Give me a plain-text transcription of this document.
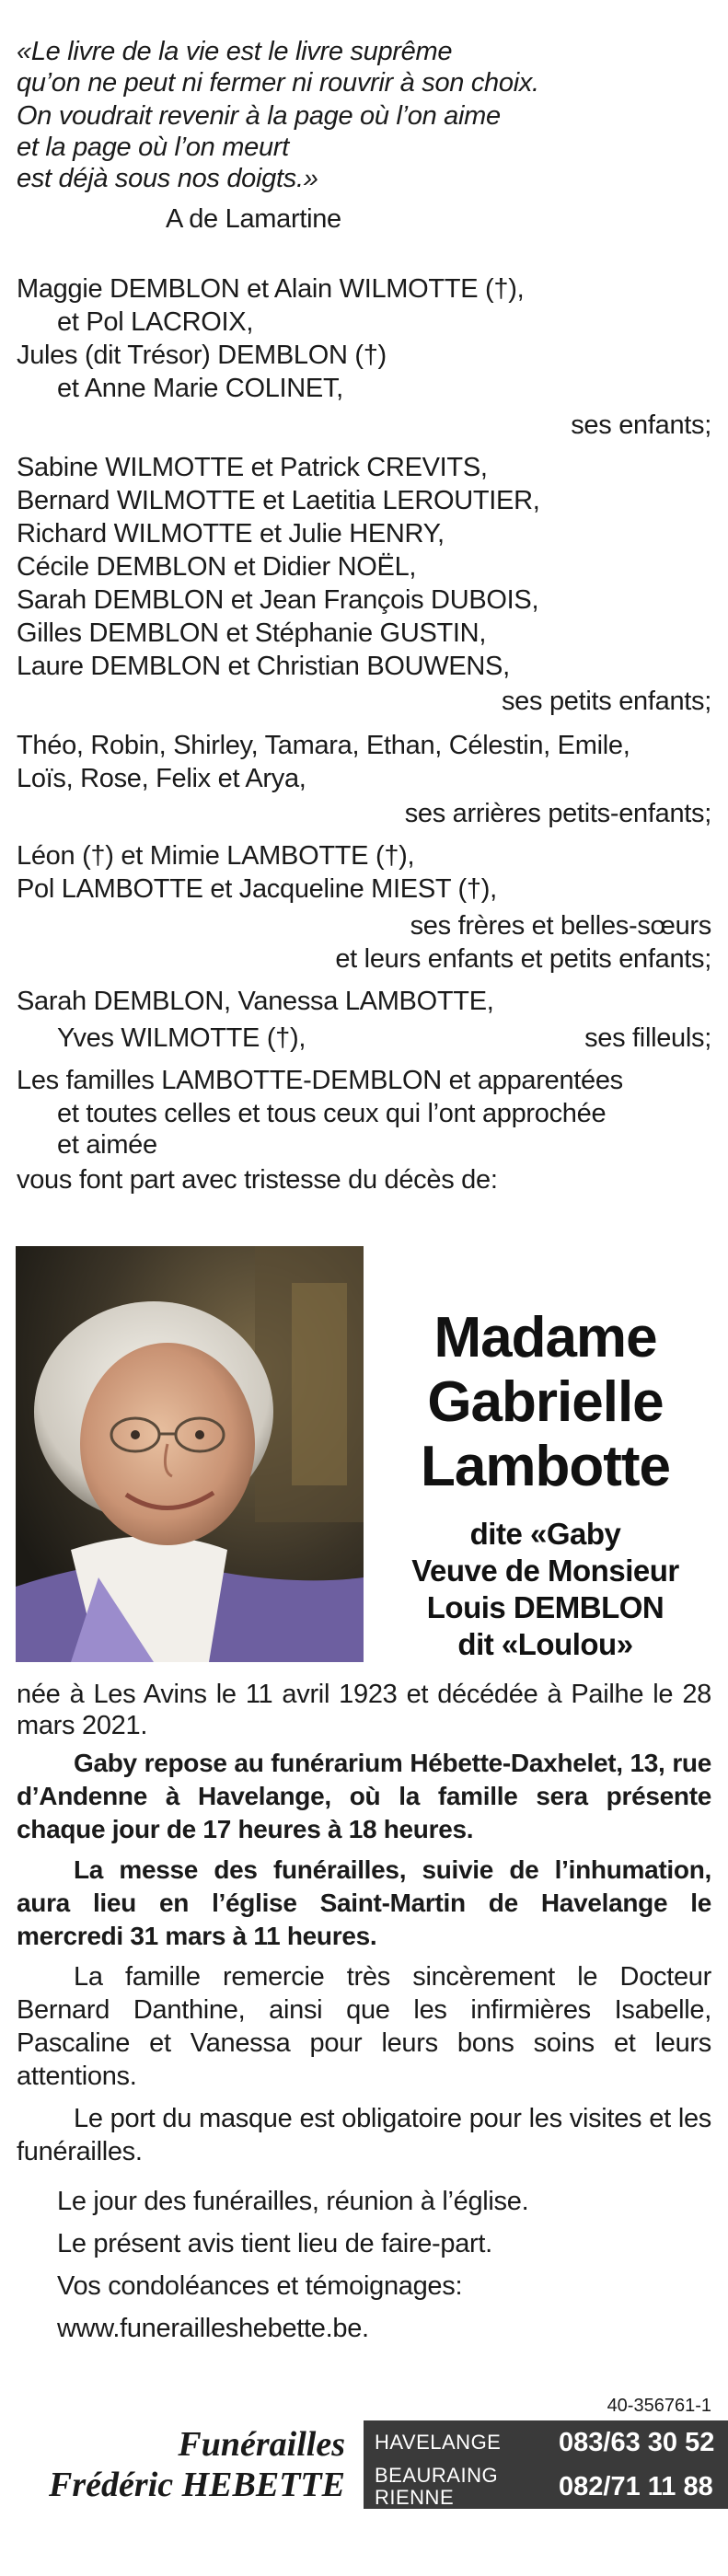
«Le livre de la vie est le livre suprême
qu’on ne peut ni fermer ni rouvrir à son choix.
On voudrait revenir à la page où l’on aime
et la page où l’on meurt
est déjà sous nos doigts.»
A de Lamartine
Maggie DEMBLON et Alain WILMOTTE (†),
et Pol LACROIX,
Jules (dit Trésor) DEMBLON (†)
et Anne Marie COLINET,
ses enfants;
Sabine WILMOTTE et Patrick CREVITS,
Bernard WILMOTTE et Laetitia LEROUTIER,
Richard WILMOTTE et Julie HENRY,
Cécile DEMBLON et Didier NOËL,
Sarah DEMBLON et Jean François DUBOIS,
Gilles DEMBLON et Stéphanie GUSTIN,
Laure DEMBLON et Christian BOUWENS,
ses petits enfants;
Théo, Robin, Shirley, Tamara, Ethan, Célestin, Emile,
Loïs, Rose, Felix et Arya,
ses arrières petits-enfants;
Léon (†) et Mimie LAMBOTTE (†),
Pol LAMBOTTE et Jacqueline MIEST (†),
ses frères et belles-sœurs
et leurs enfants et petits enfants;
Sarah DEMBLON, Vanessa LAMBOTTE,
Yves WILMOTTE (†),	ses filleuls;
Les familles LAMBOTTE-DEMBLON et apparentées
et toutes celles et tous ceux qui l’ont approchée
et aimée
vous font part avec tristesse du décès de:
Madame
Gabrielle
Lambotte
dite «Gaby
Veuve de Monsieur
Louis DEMBLON
dit «Loulou»
née à Les Avins le 11 avril 1923 et décédée à Pailhe le 28 mars 2021.
Gaby repose au funérarium Hébette-Daxhelet, 13, rue d’Andenne à Havelange, où la famille sera présente chaque jour de 17 heures à 18 heures.
La messe des funérailles, suivie de l’inhumation, aura lieu en l’église Saint-Martin de Havelange le mercredi 31 mars à 11 heures.
La famille remercie très sincèrement le Docteur Bernard Danthine, ainsi que les infirmières Isabelle, Pascaline et Vanessa pour leurs bons soins et leurs attentions.
Le port du masque est obligatoire pour les visites et les funérailles.
Le jour des funérailles, réunion à l’église.
Le présent avis tient lieu de faire-part.
Vos condoléances et témoignages:
www.funerailleshebette.be.
40-356761-1
Funérailles
Frédéric HEBETTE
HAVELANGE 083/63 30 52
BEAURAING
RIENNE	082/71 11 88
